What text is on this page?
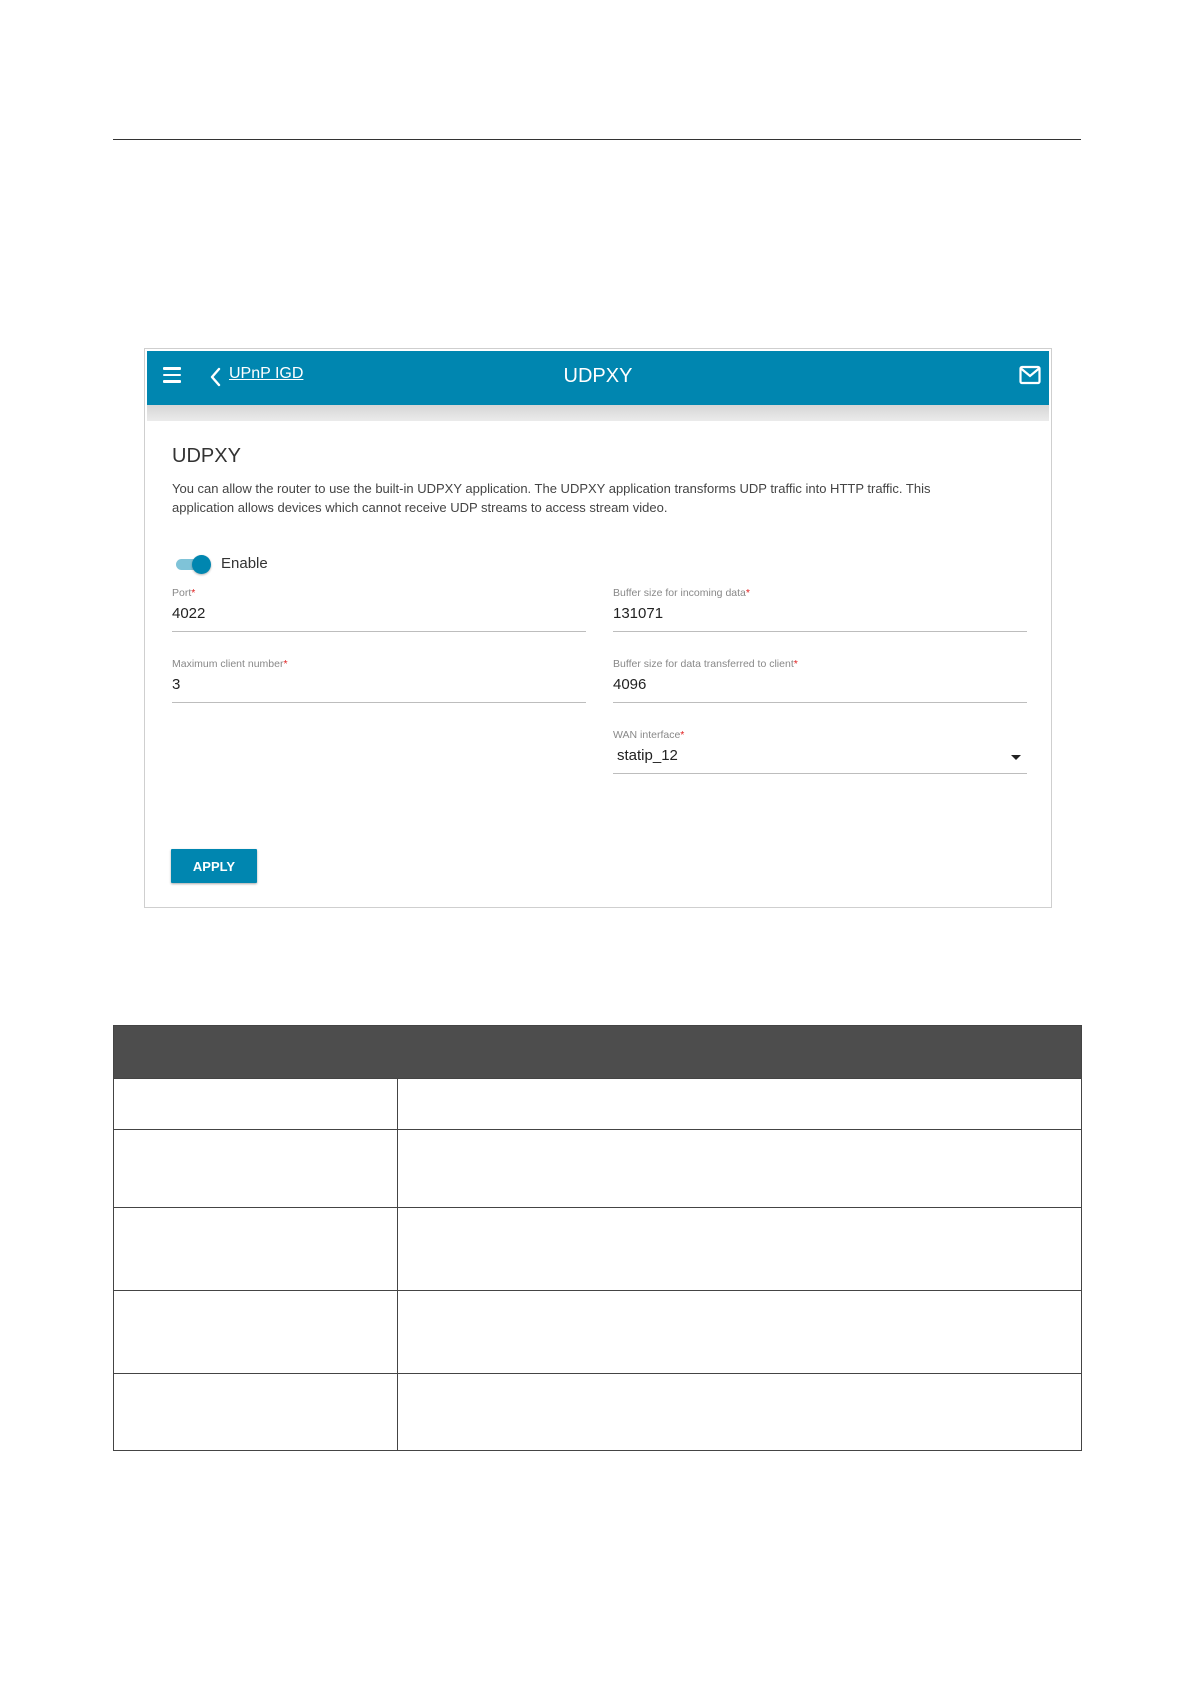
UPnP IGD	UDPXY
UDPXY
You can allow the router to use the built-in UDPXY application. The UDPXY application transforms UDP traffic into HTTP traffic. This application allows devices which cannot receive UDP streams to access stream video.
Enable
Port*
4022
Buffer size for incoming data*
131071
Maximum client number*
3
Buffer size for data transferred to client*
4096
WAN interface*
statip_12
APPLY
